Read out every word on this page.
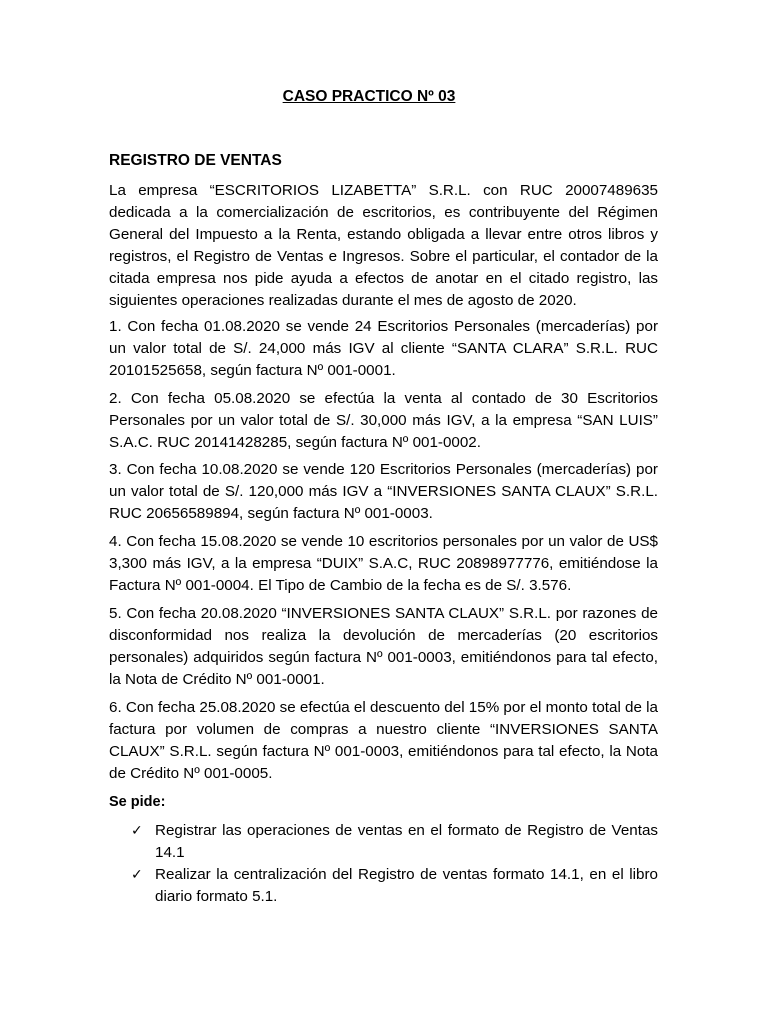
CASO PRACTICO Nº 03
REGISTRO DE VENTAS

La empresa “ESCRITORIOS LIZABETTA” S.R.L. con RUC 20007489635 dedicada a la comercialización de escritorios, es contribuyente del Régimen General del Impuesto a la Renta, estando obligada a llevar entre otros libros y registros, el Registro de Ventas e Ingresos. Sobre el particular, el contador de la citada empresa nos pide ayuda a efectos de anotar en el citado registro, las siguientes operaciones realizadas durante el mes de agosto de 2020.

1. Con fecha 01.08.2020 se vende 24 Escritorios Personales (mercaderías) por un valor total de S/. 24,000 más IGV al cliente “SANTA CLARA” S.R.L. RUC 20101525658, según factura Nº 001-0001.

2. Con fecha 05.08.2020 se efectúa la venta al contado de 30 Escritorios Personales por un valor total de S/. 30,000 más IGV, a la empresa “SAN LUIS” S.A.C. RUC 20141428285, según factura Nº 001-0002.

3. Con fecha 10.08.2020 se vende 120 Escritorios Personales (mercaderías) por un valor total de S/. 120,000 más IGV a “INVERSIONES SANTA CLAUX” S.R.L. RUC 20656589894, según factura Nº 001-0003.

4. Con fecha 15.08.2020 se vende 10 escritorios personales por un valor de US$ 3,300 más IGV, a la empresa “DUIX” S.A.C, RUC 20898977776, emitiéndose la Factura Nº 001-0004. El Tipo de Cambio de la fecha es de S/. 3.576.

5. Con fecha 20.08.2020 “INVERSIONES SANTA CLAUX” S.R.L. por razones de disconformidad nos realiza la devolución de mercaderías (20 escritorios personales) adquiridos según factura Nº 001-0003, emitiéndonos para tal efecto, la Nota de Crédito Nº 001-0001.

6. Con fecha 25.08.2020 se efectúa el descuento del 15% por el monto total de la factura por volumen de compras a nuestro cliente “INVERSIONES SANTA CLAUX” S.R.L. según factura Nº 001-0003, emitiéndonos para tal efecto, la Nota de Crédito Nº 001-0005.

Se pide:
✓ Registrar las operaciones de ventas en el formato de Registro de Ventas 14.1
✓ Realizar la centralización del Registro de ventas formato 14.1, en el libro diario formato 5.1.
